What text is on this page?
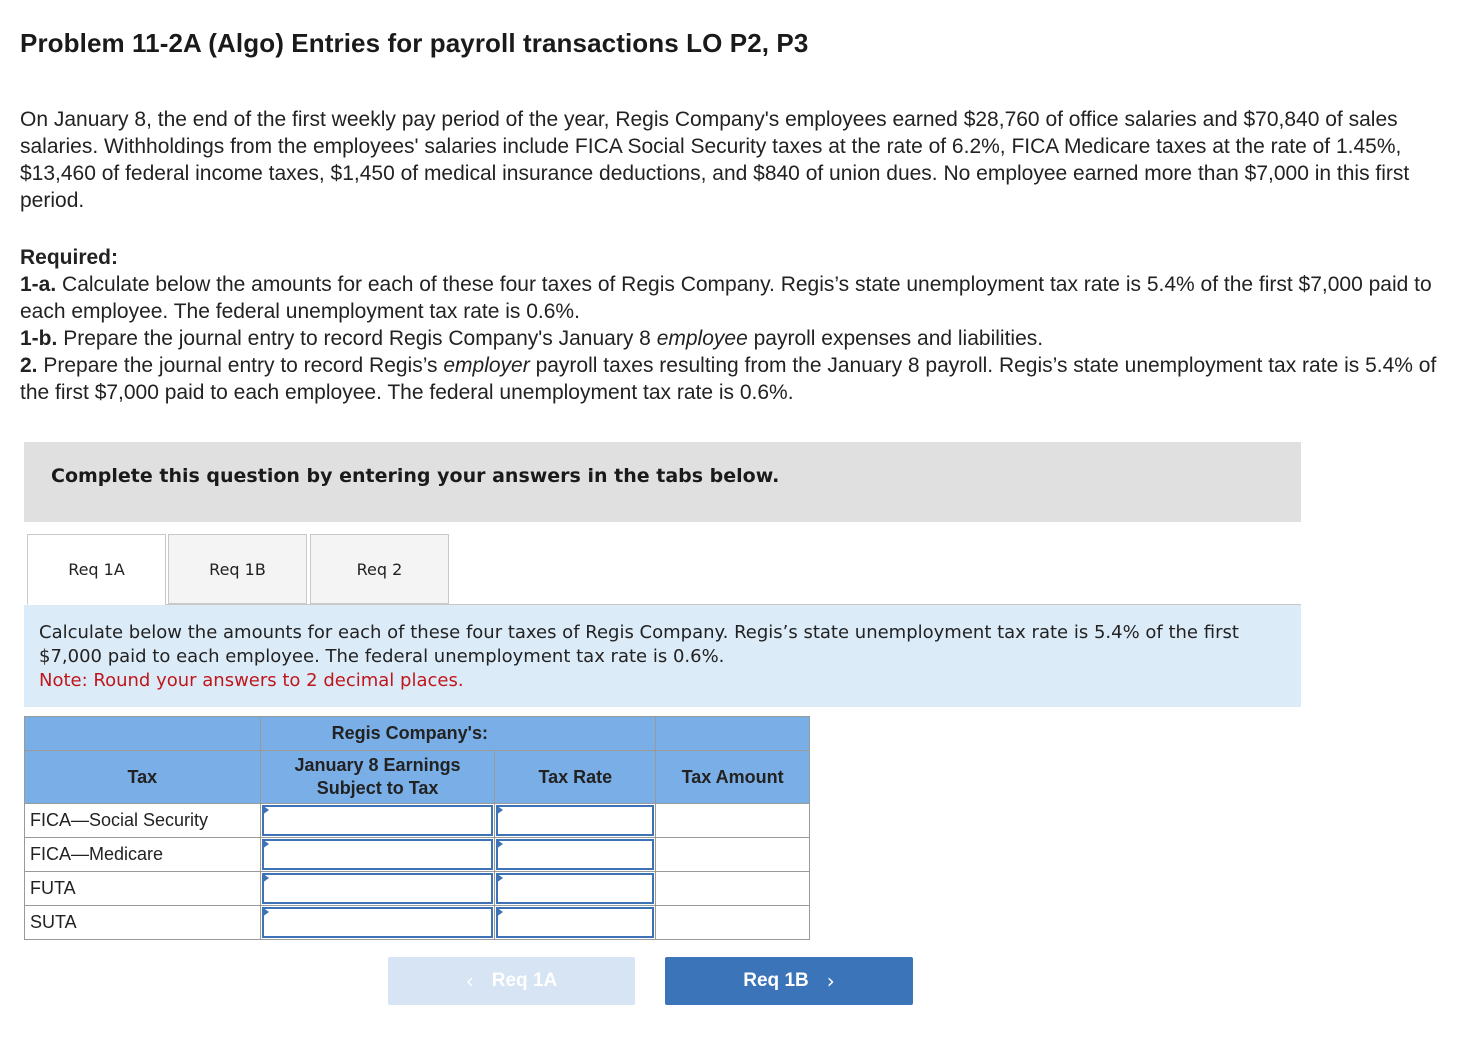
Problem 11-2A (Algo) Entries for payroll transactions LO P2, P3

On January 8, the end of the first weekly pay period of the year, Regis Company's employees earned $28,760 of office salaries and $70,840 of sales salaries. Withholdings from the employees' salaries include FICA Social Security taxes at the rate of 6.2%, FICA Medicare taxes at the rate of 1.45%, $13,460 of federal income taxes, $1,450 of medical insurance deductions, and $840 of union dues. No employee earned more than $7,000 in this first period.

Required:
1-a. Calculate below the amounts for each of these four taxes of Regis Company. Regis’s state unemployment tax rate is 5.4% of the first $7,000 paid to each employee. The federal unemployment tax rate is 0.6%.
1-b. Prepare the journal entry to record Regis Company's January 8 employee payroll expenses and liabilities.
2. Prepare the journal entry to record Regis’s employer payroll taxes resulting from the January 8 payroll. Regis’s state unemployment tax rate is 5.4% of the first $7,000 paid to each employee. The federal unemployment tax rate is 0.6%.
Complete this question by entering your answers in the tabs below.
Req 1A	Req 1B	Req 2
Calculate below the amounts for each of these four taxes of Regis Company. Regis’s state unemployment tax rate is 5.4% of the first $7,000 paid to each employee. The federal unemployment tax rate is 0.6%.
Note: Round your answers to 2 decimal places.
	Regis Company's:		
Tax	January 8 Earnings Subject to Tax	Tax Rate	Tax Amount
FICA—Social Security	

FICA—Medicare	

FUTA	

SUTA	

‹ Req 1A	Req 1B ›
